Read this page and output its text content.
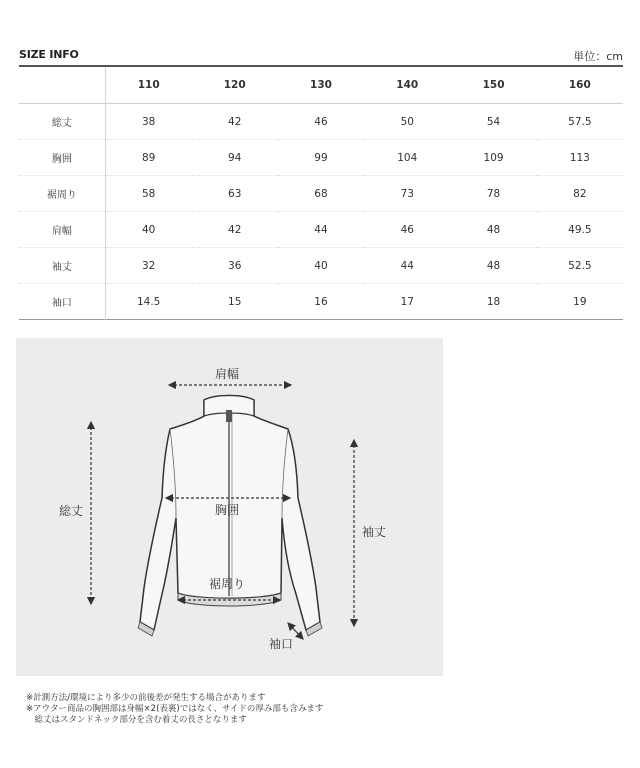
SIZE INFO	単位：cm
	110	120	130	140	150	160
総丈	38	42	46	50	54	57.5
胸囲	89	94	99	104	109	113
裾周り	58	63	68	73	78	82
肩幅	40	42	44	46	48	49.5
袖丈	32	36	40	44	48	52.5
袖口	14.5	15	16	17	18	19
肩幅
総丈	胸囲
袖丈
裾周り
袖口
※計測方法/環境により多少の前後差が発生する場合があります
※アウター商品の胸囲部は身幅×2(表裏)ではなく、サイドの厚み部も含みます
　総丈はスタンドネック部分を含む着丈の長さとなります
